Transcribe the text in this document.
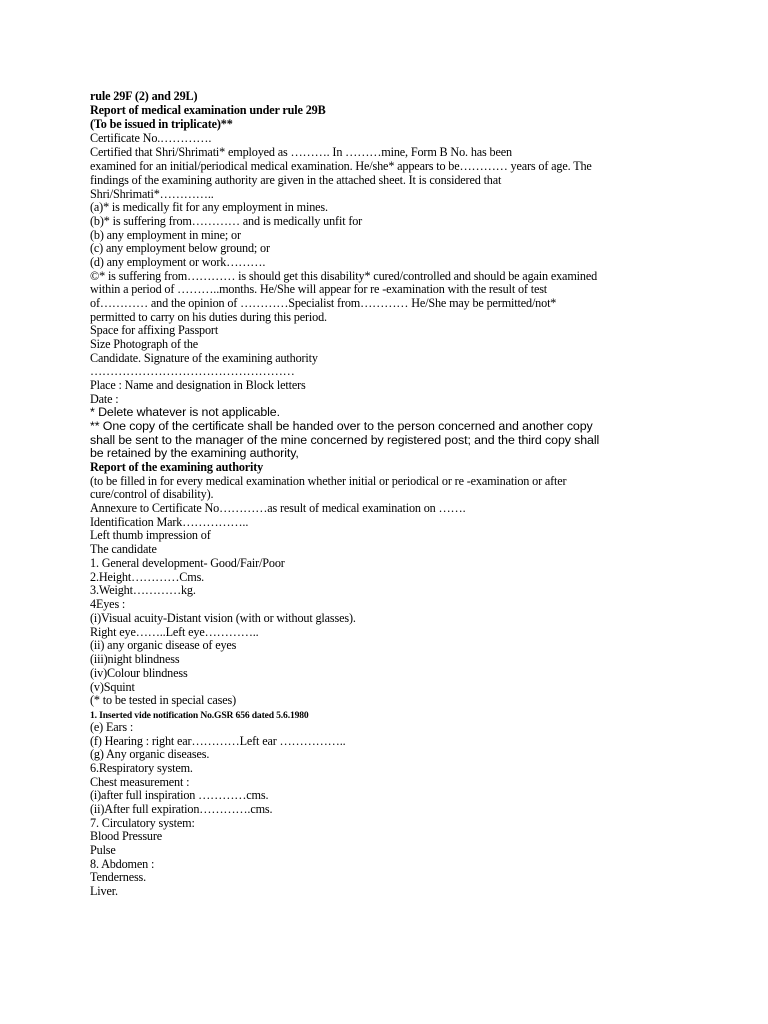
rule 29F (2) and 29L)
Report of medical examination under rule 29B
(To be issued in triplicate)**
Certificate No.………….
Certified that Shri/Shrimati* employed as ………. In ………mine, Form B No. has been
examined for an initial/periodical medical examination. He/she* appears to be………… years of age. The
findings of the examining authority are given in the attached sheet. It is considered that
Shri/Shrimati*…………..
(a)* is medically fit for any employment in mines.
(b)* is suffering from………… and is medically unfit for
(b) any employment in mine; or
(c) any employment below ground; or
(d) any employment or work……….
©* is suffering from………… is should get this disability* cured/controlled and should be again examined
within a period of ………..months. He/She will appear for re -examination with the result of test
of………… and the opinion of …………Specialist from………… He/She may be permitted/not*
permitted to carry on his duties during this period.
Space for affixing Passport
Size Photograph of the
Candidate. Signature of the examining authority
……………………………………………
Place : Name and designation in Block letters
Date :
* Delete whatever is not applicable.
** One copy of the certificate shall be handed over to the person concerned and another copy
shall be sent to the manager of the mine concerned by registered post; and the third copy shall
be retained by the examining authority,
Report of the examining authority
(to be filled in for every medical examination whether initial or periodical or re -examination or after
cure/control of disability).
Annexure to Certificate No…………as result of medical examination on …….
Identification Mark……………..
Left thumb impression of
The candidate
1. General development- Good/Fair/Poor
2.Height…………Cms.
3.Weight…………kg.
4Eyes :
(i)Visual acuity-Distant vision (with or without glasses).
Right eye……..Left eye…………..
(ii) any organic disease of eyes
(iii)night blindness
(iv)Colour blindness
(v)Squint
(* to be tested in special cases)
1. Inserted vide notification No.GSR 656 dated 5.6.1980
(e) Ears :
(f) Hearing : right ear…………Left ear ……………..
(g) Any organic diseases.
6.Respiratory system.
Chest measurement :
(i)after full inspiration …………cms.
(ii)After full expiration………….cms.
7. Circulatory system:
Blood Pressure
Pulse
8. Abdomen :
Tenderness.
Liver.
